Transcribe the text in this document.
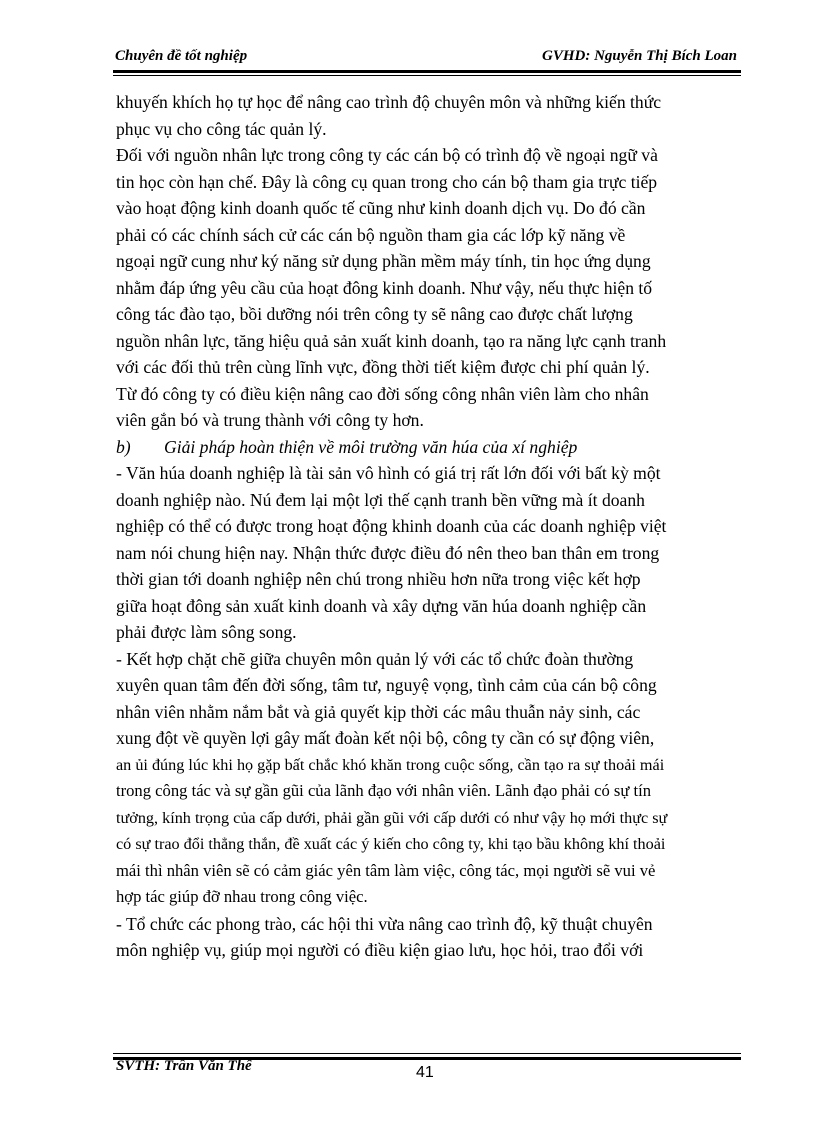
Chuyên đề tốt nghiệp	GVHD: Nguyễn Thị Bích Loan
khuyến khích họ tự học để nâng cao trình độ chuyên môn và những kiến thức
phục vụ cho công tác quản lý.
Đối với nguồn nhân lực trong công ty các cán bộ có trình độ về ngoại ngữ và
tin học còn hạn chế. Đây là công cụ quan trong cho cán bộ tham gia trực tiếp
vào hoạt động kinh doanh quốc tế cũng như kinh doanh dịch vụ. Do đó cần
phải có các chính sách cử các cán bộ nguồn tham gia các lớp kỹ năng về
ngoại ngữ cung như ký năng sử dụng phần mềm máy tính, tin học ứng dụng
nhằm đáp ứng yêu cầu của hoạt đông kinh doanh. Như vậy, nếu thực hiện tố
công tác đào tạo, bồi dưỡng nói trên công ty sẽ nâng cao được chất lượng
nguồn nhân lực, tăng hiệu quả sản xuất kinh doanh, tạo ra năng lực cạnh tranh
với các đối thủ trên cùng lĩnh vực, đồng thời tiết kiệm được chi phí quản lý.
Từ đó công ty có điều kiện nâng cao đời sống công nhân viên làm cho nhân
viên gắn bó và trung thành với công ty hơn.
b) Giải pháp hoàn thiện về môi trường văn húa của xí nghiệp
- Văn húa doanh nghiệp là tài sản vô hình có giá trị rất lớn đối với bất kỳ một
doanh nghiệp nào. Nú đem lại một lợi thế cạnh tranh bền vững mà ít doanh
nghiệp có thể có được trong hoạt động khinh doanh của các doanh nghiệp việt
nam nói chung hiện nay. Nhận thức được điều đó nên theo ban thân em trong
thời gian tới doanh nghiệp nên chú trong nhiều hơn nữa trong việc kết hợp
giữa hoạt đông sản xuất kinh doanh và xây dựng văn húa doanh nghiệp cần
phải được làm sông song.
- Kết hợp chặt chẽ giữa chuyên môn quản lý với các tổ chức đoàn thường
xuyên quan tâm đến đời sống, tâm tư, nguyệ vọng, tình cảm của cán bộ công
nhân viên nhằm nắm bắt và giả quyết kịp thời các mâu thuẫn nảy sinh, các
xung đột về quyền lợi gây mất đoàn kết nội bộ, công ty cần có sự động viên,
an ủi đúng lúc khi họ gặp bất chắc khó khăn trong cuộc sống, cần tạo ra sự thoải mái
trong công tác và sự gần gũi của lãnh đạo với nhân viên. Lãnh đạo phải có sự tín
tưởng, kính trọng của cấp dưới, phải gần gũi với cấp dưới có như vậy họ mới thực sự
có sự trao đổi thẳng thắn, đề xuất các ý kiến cho công ty, khi tạo bầu không khí thoải
mái thì nhân viên sẽ có cảm giác yên tâm làm việc, công tác, mọi người sẽ vui vẻ
hợp tác giúp đỡ nhau trong công việc.
- Tổ chức các phong trào, các hội thi vừa nâng cao trình độ, kỹ thuật chuyên
môn nghiệp vụ, giúp mọi người có điều kiện giao lưu, học hỏi, trao đổi với
SVTH: Trần Văn Thế	41
